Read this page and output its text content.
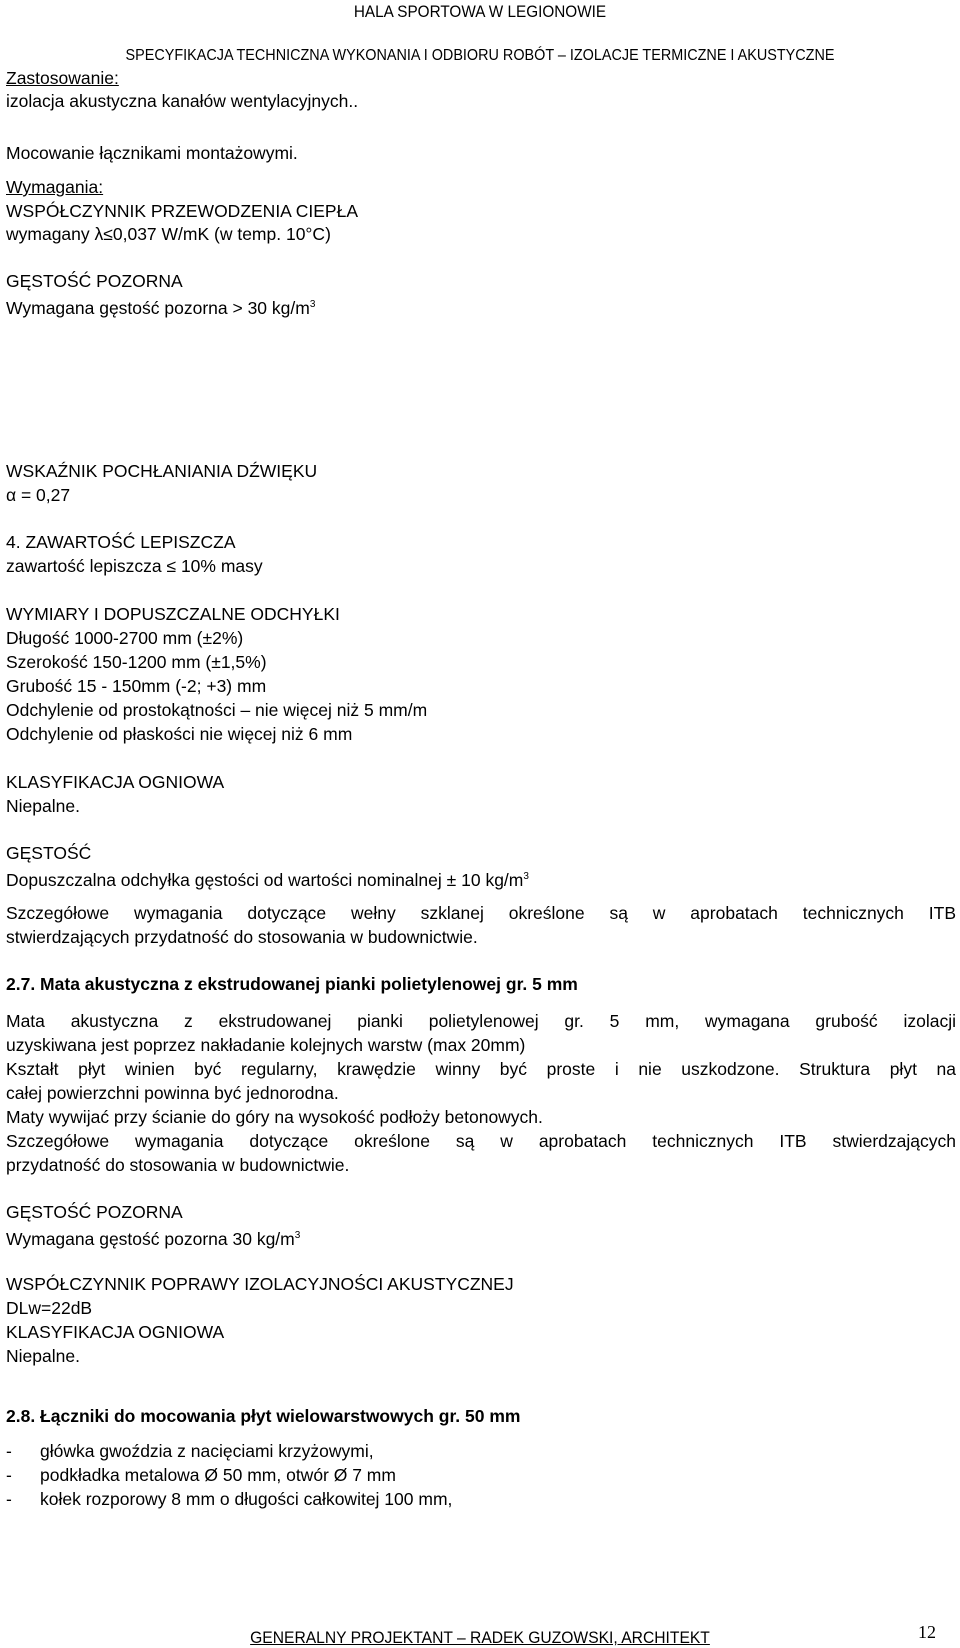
HALA SPORTOWA W LEGIONOWIE
SPECYFIKACJA TECHNICZNA WYKONANIA I ODBIORU ROBÓT – IZOLACJE TERMICZNE I AKUSTYCZNE
Zastosowanie:
izolacja akustyczna kanałów wentylacyjnych..
Mocowanie łącznikami montażowymi.
Wymagania:
WSPÓŁCZYNNIK PRZEWODZENIA CIEPŁA
wymagany λ≤0,037 W/mK (w temp. 10°C)
GĘSTOŚĆ POZORNA
Wymagana gęstość pozorna > 30 $kg/m^3$
WSKAŹNIK POCHŁANIANIA DŹWIĘKU
α = 0,27
4. ZAWARTOŚĆ LEPISZCZA
zawartość lepiszcza ≤ 10% masy
WYMIARY I DOPUSZCZALNE ODCHYŁKI
Długość 1000-2700 mm (±2%)
Szerokość 150-1200 mm (±1,5%)
Grubość 15 - 150mm (-2; +3) mm
Odchylenie od prostokątności – nie więcej niż 5 mm/m
Odchylenie od płaskości nie więcej niż 6 mm
KLASYFIKACJA OGNIOWA
Niepalne.
GĘSTOŚĆ
Dopuszczalna odchyłka gęstości od wartości nominalnej ± 10 $kg/m^3$
Szczegółowe wymagania dotyczące wełny szklanej określone są w aprobatach technicznych ITB
stwierdzających przydatność do stosowania w budownictwie.
2.7. Mata akustyczna z ekstrudowanej pianki polietylenowej gr. 5 mm
Mata akustyczna z ekstrudowanej pianki polietylenowej gr. 5 mm, wymagana grubość izolacji
uzyskiwana jest poprzez nakładanie kolejnych warstw (max 20mm)
Kształt płyt winien być regularny, krawędzie winny być proste i nie uszkodzone. Struktura płyt na
całej powierzchni powinna być jednorodna.
Maty wywijać przy ścianie do góry na wysokość podłoży betonowych.
Szczegółowe wymagania dotyczące określone są w aprobatach technicznych ITB stwierdzających
przydatność do stosowania w budownictwie.
GĘSTOŚĆ POZORNA
Wymagana gęstość pozorna 30 $kg/m^3$
WSPÓŁCZYNNIK POPRAWY IZOLACYJNOŚCI AKUSTYCZNEJ
DLw=22dB
KLASYFIKACJA OGNIOWA
Niepalne.
2.8. Łączniki do mocowania płyt wielowarstwowych gr. 50 mm
- główka gwoździa z nacięciami krzyżowymi,
- podkładka metalowa Ø 50 mm, otwór Ø 7 mm
- kołek rozporowy 8 mm o długości całkowitej 100 mm,
12
GENERALNY PROJEKTANT – RADEK GUZOWSKI, ARCHITEKT
